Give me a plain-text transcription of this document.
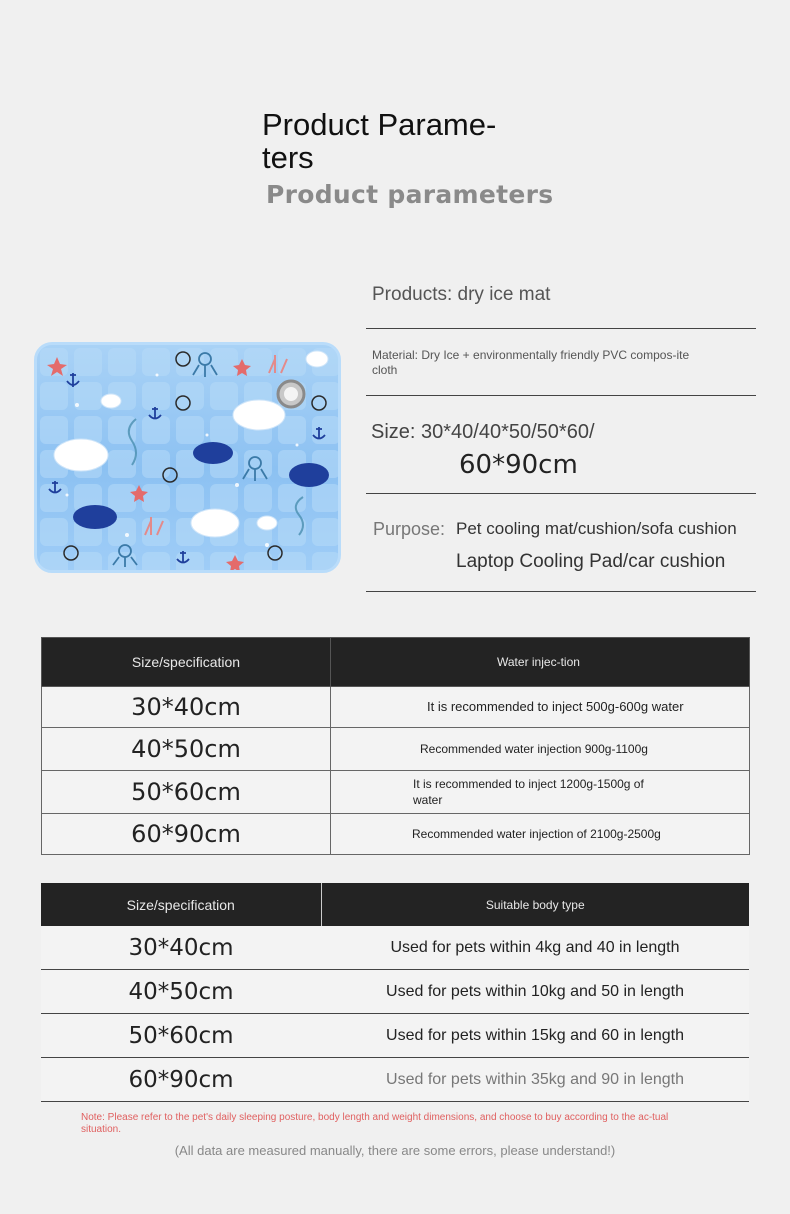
Product Parame-ters
Product parameters
Products: dry ice mat
Material: Dry Ice + environmentally friendly PVC compos-ite cloth
Size: 30*40/40*50/50*60/
60*90cm
Purpose: Pet cooling mat/cushion/sofa cushion
Laptop Cooling Pad/car cushion
Size/specification	Water injec-tion
30*40cm	It is recommended to inject 500g-600g water
40*50cm	Recommended water injection 900g-1100g
50*60cm	It is recommended to inject 1200g-1500g of water
60*90cm	Recommended water injection of 2100g-2500g
Size/specification	Suitable body type
30*40cm	Used for pets within 4kg and 40 in length
40*50cm	Used for pets within 10kg and 50 in length
50*60cm	Used for pets within 15kg and 60 in length
60*90cm	Used for pets within 35kg and 90 in length
Note: Please refer to the pet's daily sleeping posture, body length and weight dimensions, and choose to buy according to the ac-tual situation.
(All data are measured manually, there are some errors, please understand!)
